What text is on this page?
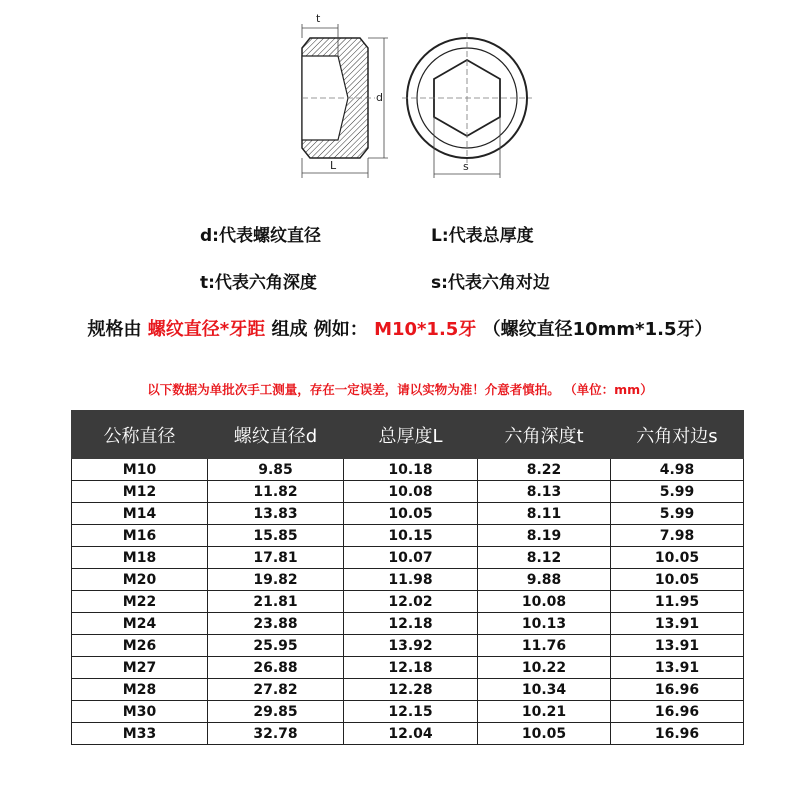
t
L
d
s
d:代表螺纹直径	L:代表总厚度
t:代表六角深度	s:代表六角对边
规格由 螺纹直径*牙距 组成 例如： M10*1.5牙 （螺纹直径10mm*1.5牙）
以下数据为单批次手工测量，存在一定误差，请以实物为准！介意者慎拍。 （单位：mm）
公称直径	螺纹直径d	总厚度L	六角深度t	六角对边s
M10	9.85	10.18	8.22	4.98
M12	11.82	10.08	8.13	5.99
M14	13.83	10.05	8.11	5.99
M16	15.85	10.15	8.19	7.98
M18	17.81	10.07	8.12	10.05
M20	19.82	11.98	9.88	10.05
M22	21.81	12.02	10.08	11.95
M24	23.88	12.18	10.13	13.91
M26	25.95	13.92	11.76	13.91
M27	26.88	12.18	10.22	13.91
M28	27.82	12.28	10.34	16.96
M30	29.85	12.15	10.21	16.96
M33	32.78	12.04	10.05	16.96
